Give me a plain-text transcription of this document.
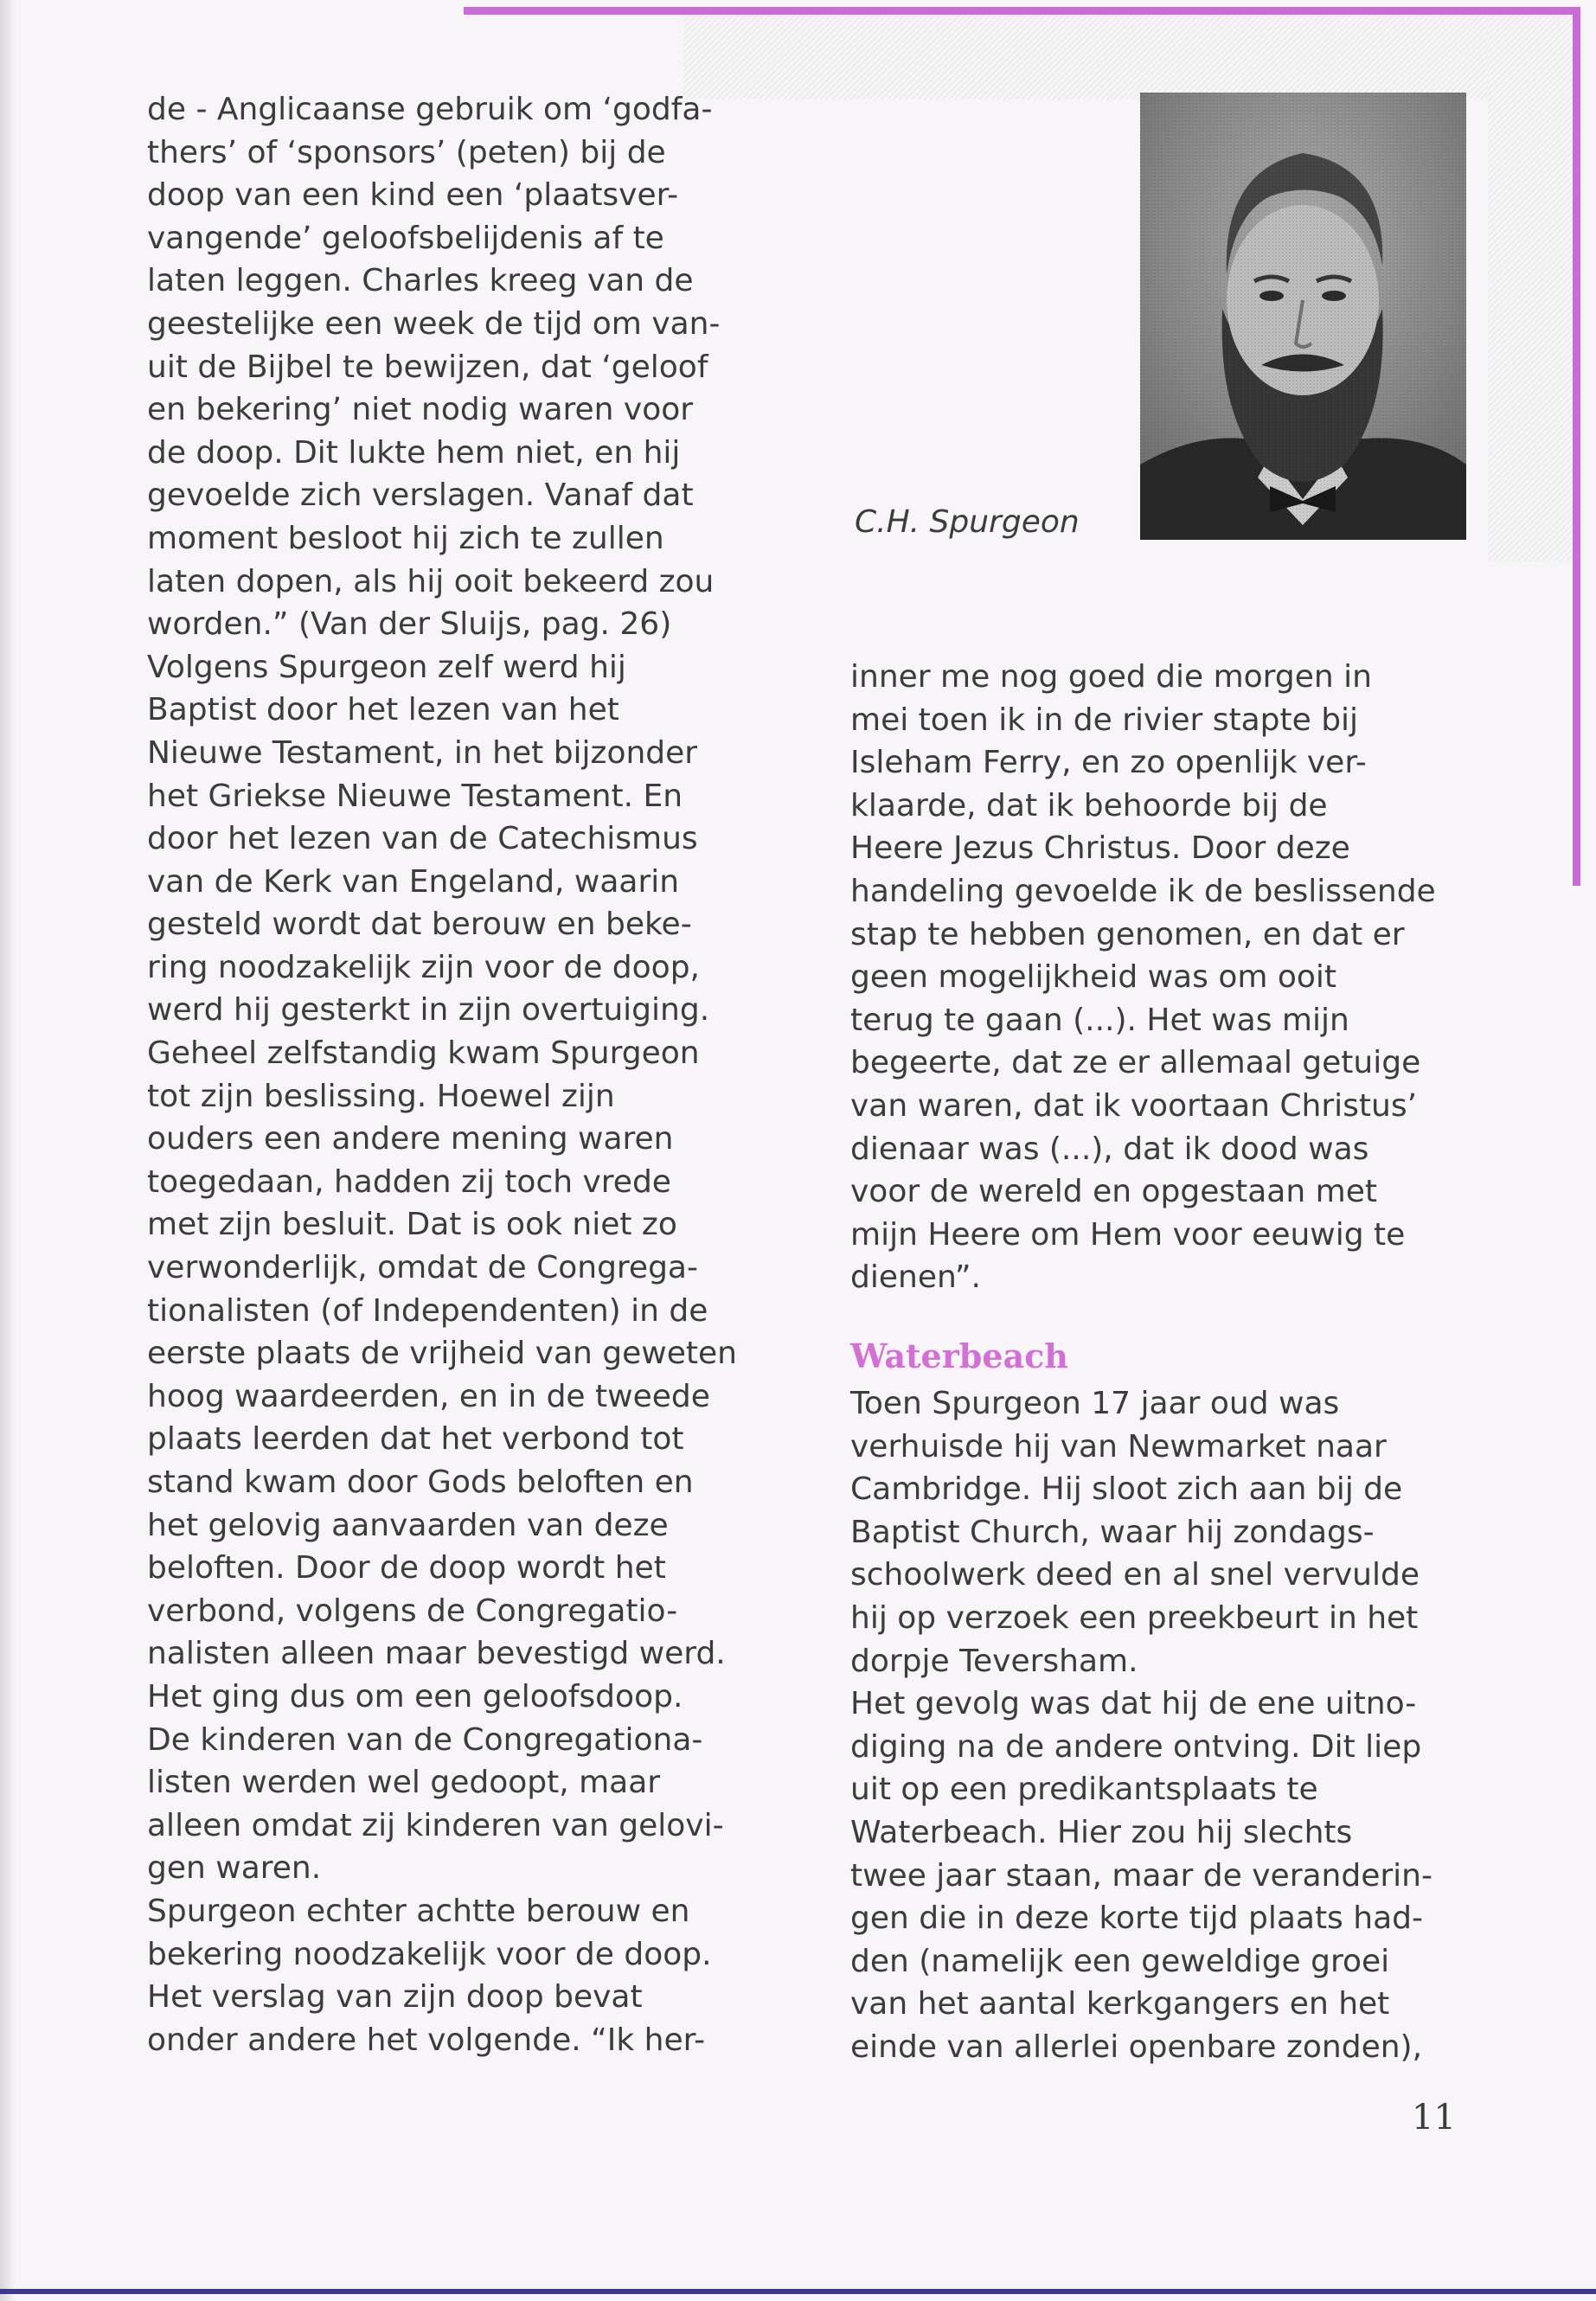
de - Anglicaanse gebruik om ‘godfa-
thers’ of ‘sponsors’ (peten) bij de
doop van een kind een ‘plaatsver-
vangende’ geloofsbelijdenis af te
laten leggen. Charles kreeg van de
geestelijke een week de tijd om van-
uit de Bijbel te bewijzen, dat ‘geloof
en bekering’ niet nodig waren voor
de doop. Dit lukte hem niet, en hij
gevoelde zich verslagen. Vanaf dat
moment besloot hij zich te zullen
laten dopen, als hij ooit bekeerd zou
worden.” (Van der Sluijs, pag. 26)
Volgens Spurgeon zelf werd hij
Baptist door het lezen van het
Nieuwe Testament, in het bijzonder
het Griekse Nieuwe Testament. En
door het lezen van de Catechismus
van de Kerk van Engeland, waarin
gesteld wordt dat berouw en beke-
ring noodzakelijk zijn voor de doop,
werd hij gesterkt in zijn overtuiging.
Geheel zelfstandig kwam Spurgeon
tot zijn beslissing. Hoewel zijn
ouders een andere mening waren
toegedaan, hadden zij toch vrede
met zijn besluit. Dat is ook niet zo
verwonderlijk, omdat de Congrega-
tionalisten (of Independenten) in de
eerste plaats de vrijheid van geweten
hoog waardeerden, en in de tweede
plaats leerden dat het verbond tot
stand kwam door Gods beloften en
het gelovig aanvaarden van deze
beloften. Door de doop wordt het
verbond, volgens de Congregatio-
nalisten alleen maar bevestigd werd.
Het ging dus om een geloofsdoop.
De kinderen van de Congregationa-
listen werden wel gedoopt, maar
alleen omdat zij kinderen van gelovi-
gen waren.
Spurgeon echter achtte berouw en
bekering noodzakelijk voor de doop.
Het verslag van zijn doop bevat
onder andere het volgende. “Ik her-
C.H. Spurgeon
inner me nog goed die morgen in
mei toen ik in de rivier stapte bij
Isleham Ferry, en zo openlijk ver-
klaarde, dat ik behoorde bij de
Heere Jezus Christus. Door deze
handeling gevoelde ik de beslissende
stap te hebben genomen, en dat er
geen mogelijkheid was om ooit
terug te gaan (...). Het was mijn
begeerte, dat ze er allemaal getuige
van waren, dat ik voortaan Christus’
dienaar was (...), dat ik dood was
voor de wereld en opgestaan met
mijn Heere om Hem voor eeuwig te
dienen”.
Waterbeach
Toen Spurgeon 17 jaar oud was
verhuisde hij van Newmarket naar
Cambridge. Hij sloot zich aan bij de
Baptist Church, waar hij zondags-
schoolwerk deed en al snel vervulde
hij op verzoek een preekbeurt in het
dorpje Teversham.
Het gevolg was dat hij de ene uitno-
diging na de andere ontving. Dit liep
uit op een predikantsplaats te
Waterbeach. Hier zou hij slechts
twee jaar staan, maar de veranderin-
gen die in deze korte tijd plaats had-
den (namelijk een geweldige groei
van het aantal kerkgangers en het
einde van allerlei openbare zonden),
11
